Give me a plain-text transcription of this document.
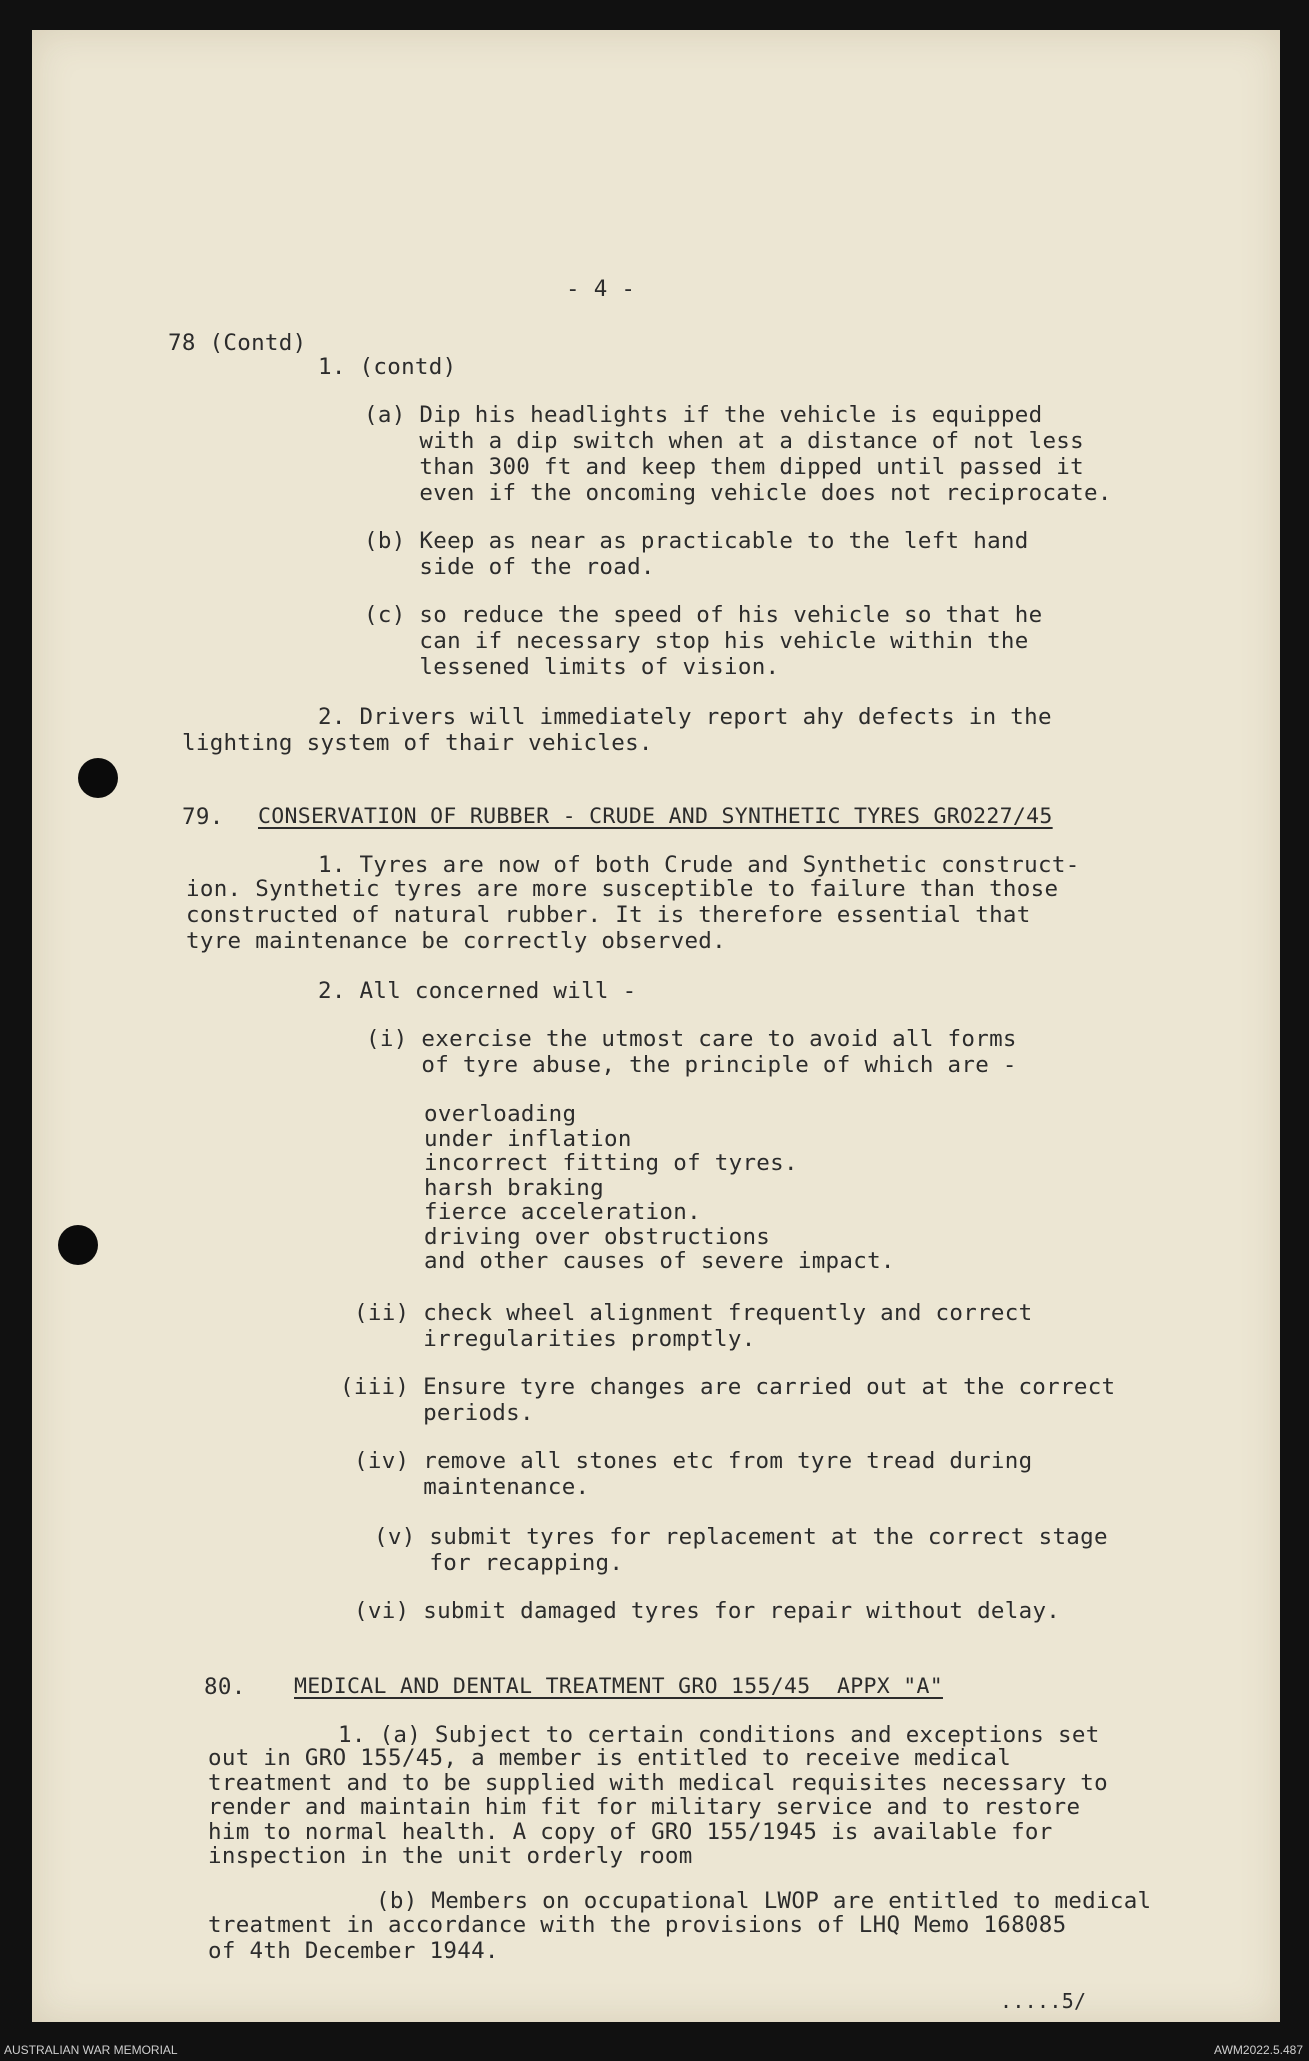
- 4 -
78 (Contd)
1. (contd)
(a) Dip his headlights if the vehicle is equipped
with a dip switch when at a distance of not less
than 300 ft and keep them dipped until passed it
even if the oncoming vehicle does not reciprocate.
(b) Keep as near as practicable to the left hand
side of the road.
(c) so reduce the speed of his vehicle so that he
can if necessary stop his vehicle within the
lessened limits of vision.
2. Drivers will immediately report ahy defects in the
lighting system of thair vehicles.
79. CONSERVATION OF RUBBER - CRUDE AND SYNTHETIC TYRES GRO227/45
1. Tyres are now of both Crude and Synthetic construct-
ion. Synthetic tyres are more susceptible to failure than those
constructed of natural rubber. It is therefore essential that
tyre maintenance be correctly observed.
2. All concerned will -
(i) exercise the utmost care to avoid all forms
of tyre abuse, the principle of which are -
overloading
under inflation
incorrect fitting of tyres.
harsh braking
fierce acceleration.
driving over obstructions
and other causes of severe impact.
(ii) check wheel alignment frequently and correct
irregularities promptly.
(iii) Ensure tyre changes are carried out at the correct
periods.
(iv) remove all stones etc from tyre tread during
maintenance.
(v) submit tyres for replacement at the correct stage
for recapping.
(vi) submit damaged tyres for repair without delay.
80. MEDICAL AND DENTAL TREATMENT GRO 155/45  APPX "A"
1. (a) Subject to certain conditions and exceptions set
out in GRO 155/45, a member is entitled to receive medical
treatment and to be supplied with medical requisites necessary to
render and maintain him fit for military service and to restore
him to normal health. A copy of GRO 155/1945 is available for
inspection in the unit orderly room
(b) Members on occupational LWOP are entitled to medical
treatment in accordance with the provisions of LHQ Memo 168085
of 4th December 1944.
.....5/
AUSTRALIAN WAR MEMORIAL	AWM2022.5.487
